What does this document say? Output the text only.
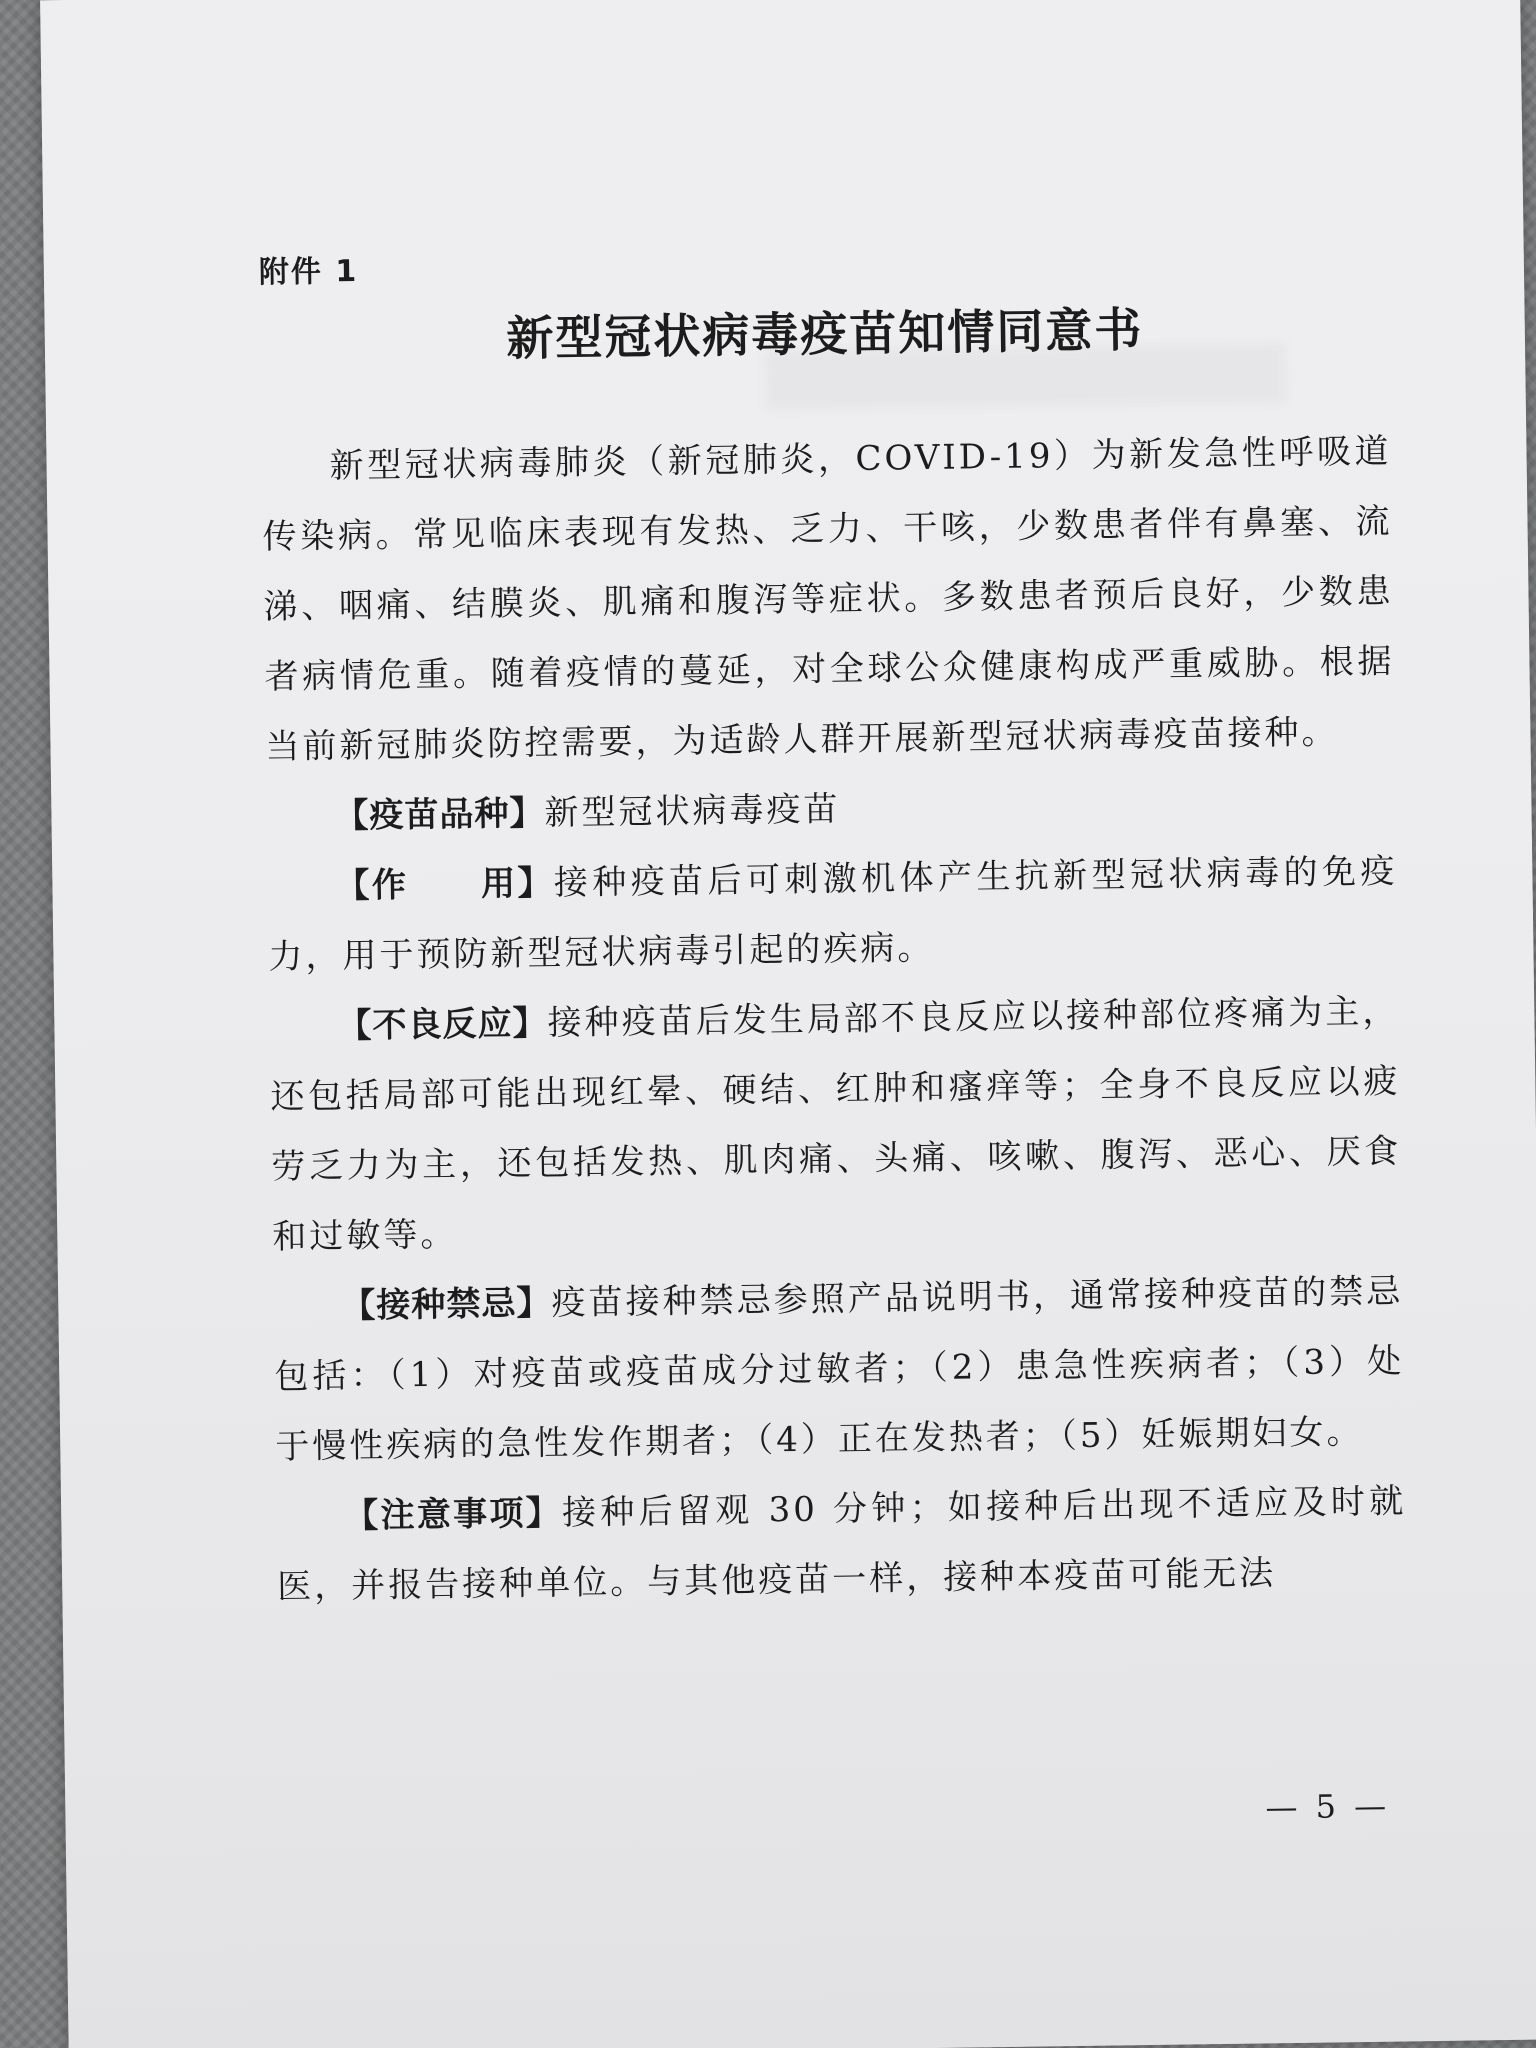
附件 1
新型冠状病毒疫苗知情同意书

新型冠状病毒肺炎（新冠肺炎，COVID-19）为新发急性呼吸道传染病。常见临床表现有发热、乏力、干咳，少数患者伴有鼻塞、流涕、咽痛、结膜炎、肌痛和腹泻等症状。多数患者预后良好，少数患者病情危重。随着疫情的蔓延，对全球公众健康构成严重威胁。根据当前新冠肺炎防控需要，为适龄人群开展新型冠状病毒疫苗接种。

【疫苗品种】新型冠状病毒疫苗

【作　　用】接种疫苗后可刺激机体产生抗新型冠状病毒的免疫力，用于预防新型冠状病毒引起的疾病。

【不良反应】接种疫苗后发生局部不良反应以接种部位疼痛为主，还包括局部可能出现红晕、硬结、红肿和瘙痒等；全身不良反应以疲劳乏力为主，还包括发热、肌肉痛、头痛、咳嗽、腹泻、恶心、厌食和过敏等。

【接种禁忌】疫苗接种禁忌参照产品说明书，通常接种疫苗的禁忌包括：（1）对疫苗或疫苗成分过敏者；（2）患急性疾病者；（3）处于慢性疾病的急性发作期者；（4）正在发热者；（5）妊娠期妇女。

【注意事项】接种后留观 30 分钟；如接种后出现不适应及时就医，并报告接种单位。与其他疫苗一样，接种本疫苗可能无法

— 5 —
